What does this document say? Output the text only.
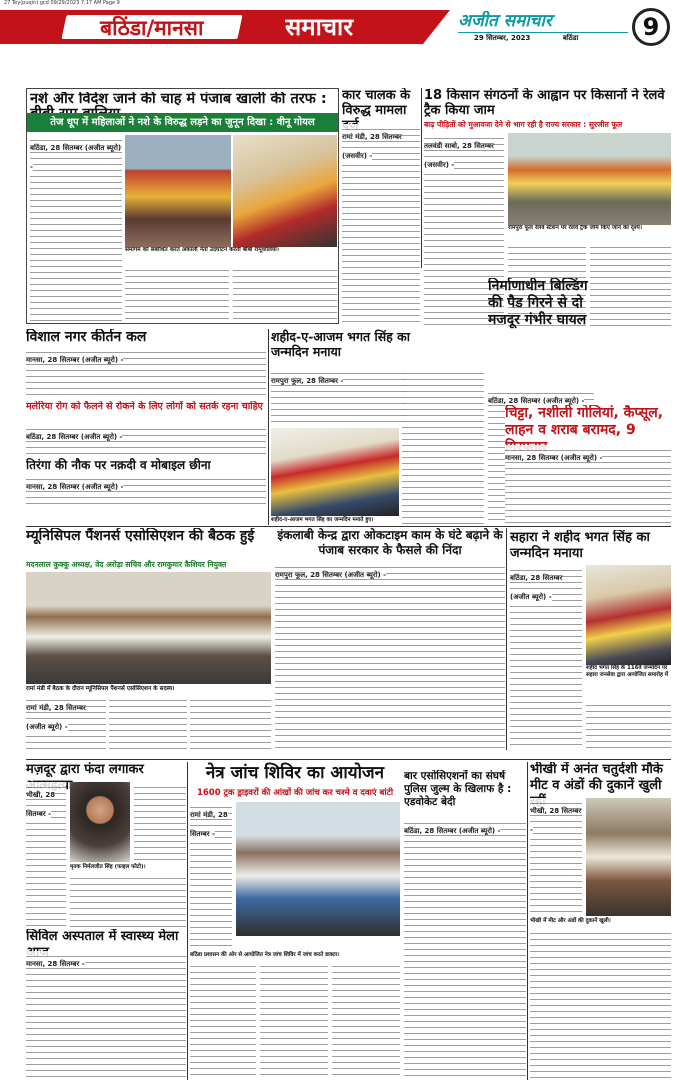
27 Tey(puqin) gcd 09/29/2023 7:17 AM Page 9
बठिंडा/मानसा	समाचार	अजीत समाचार
29 सितम्बर, 2023	बठिंडा	9
नशे और विदेश जाने की चाह में पंजाब खाली की तरफ :
तेज धूप में महिलाओं ने नशे के विरुद्ध लड़ने का जुनून दिखा : वीनू गोयल
बठिंडा, 28 सितम्बर (अजीत ब्यूरो) -
समागम को संबोधित करते अकाली नेता उदघाटन करतीं बीबी रामूवालिया।
कार चालक के विरुद्ध मामला
रामां मंडी, 28 सितम्बर (जसवीर) -
18 किसान संगठनों के आह्वान पर किसानों ने रेलवे ट्रैक किया जाम
बाढ़ पीड़ितों को मुआवजा देने से भाग रही है राज्य सरकार : सुरजीत फूल
तलवंडी साबो, 28 सितम्बर (जसवीर) -
रामपुरा फूल रेलवे स्टेशन पर रेलवे ट्रैक जाम किए जाने का दृश्य।
विशाल नगर कीर्तन कल
मानसा, 28 सितम्बर (अजीत ब्यूरो) -
मलेरिया रोग को फैलने से रोकने के लिए लोगों को सतर्क रहना चाहिए
बठिंडा, 28 सितम्बर (अजीत ब्यूरो) -
तिरंगा की नौक पर नक़दी व मोबाइल छीना
मानसा, 28 सितम्बर (अजीत ब्यूरो) -
शहीद-ए-आजम भगत सिंह का जन्मदिन मनाया
रामपुरा फूल, 28 सितम्बर -
शहीद-ए-आजम भगत सिंह का जन्मदिन मनाते हुए।
निर्माणाधीन बिल्डिंग की पैड गिरने से दो मजदूर गंभीर घायल
बठिंडा, 28 सितम्बर (अजीत ब्यूरो) -
चिट्टा, नशीली गोलियां, कैप्सूल, लाहन व शराब बरामद, 9
मानसा, 28 सितम्बर (अजीत ब्यूरो) -
म्यूनिसिपल पैंशनर्स एसोसिएशन की बैठक हुई
मदनलाल कुक्कू अध्यक्ष, वेद अरोड़ा सचिव और रामकुमार कैशियर नियुक्त
रामां मंडी में बैठक के दौरान म्यूनिसिपल पैंशनर्स एसोसिएशन के सदस्य।
रामां मंडी, 28 सितम्बर (अजीत ब्यूरो) -
इंकलाबी केन्द्र द्वारा ओकटाइम काम के घंटे बढ़ाने के पंजाब सरकार के फैसले की निंदा
रामपुरा फूल, 28 सितम्बर (अजीत ब्यूरो) -
सहारा ने शहीद भगत सिंह का जन्मदिन मनाया
बठिंडा, 28 सितम्बर (अजीत ब्यूरो) -
शहीद भगत सिंह के 116वें जन्मदिन पर सहारा जनसेवा द्वारा आयोजित समारोह में
मज़दूर द्वारा फंदा लगाकर
भीखी, 28 सितम्बर -
मृतक निर्मलजीत सिंह (फाइल फोटो)।
सिविल अस्पताल में स्वास्थ्य मेला
मानसा, 28 सितम्बर -
नेत्र जांच शिविर का आयोजन
1600 ट्रक ड्राइवरों की आंखों की जांच कर चश्मे व दवाएं बांटी
रामां मंडी, 28 सितम्बर -
बठिंडा प्रशासन की ओर से आयोजित नेत्र जांच शिविर में जांच करते डाक्टर।
बार एसोसिएशनों का संघर्ष पुलिस जुल्म के खिलाफ है : एडवोकेट बेदी
बठिंडा, 28 सितम्बर (अजीत ब्यूरो) -
भीखी में अनंत चतुर्दशी मौके मीट व अंडों की दुकानें खुली
भीखी, 28 सितम्बर -
भीखी में मीट और अंडों की दुकानें खुली।
